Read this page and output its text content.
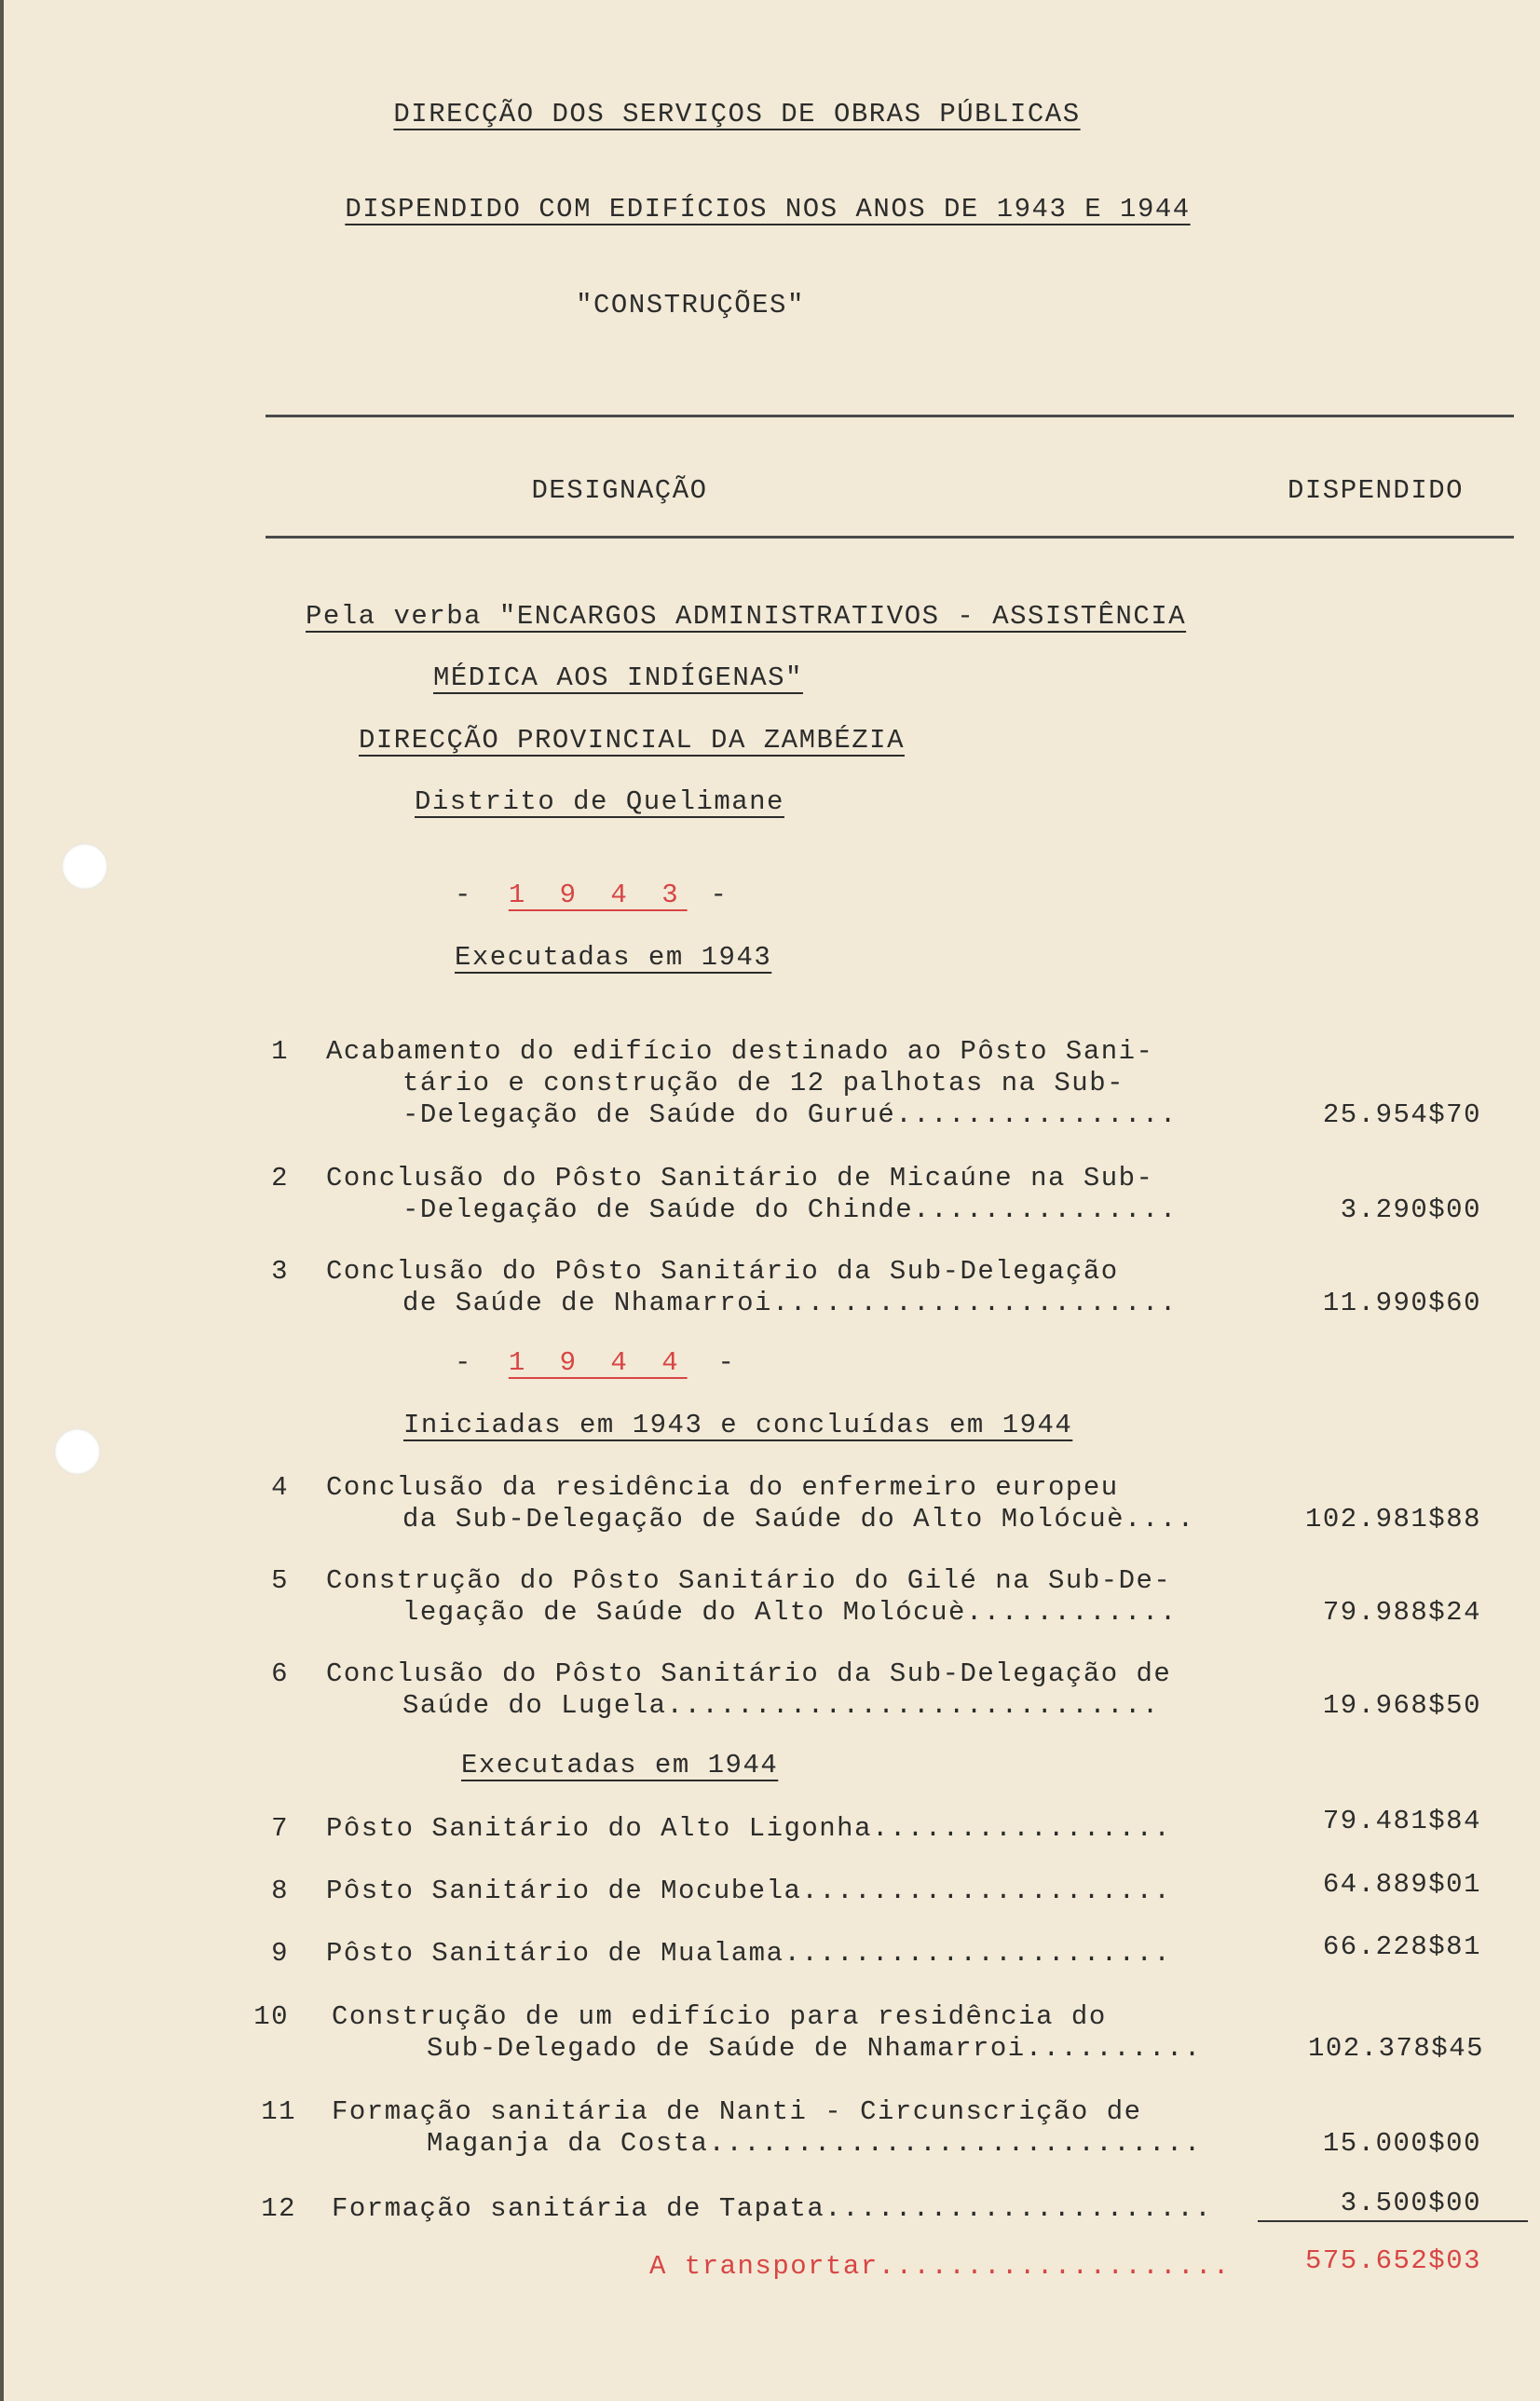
DIRECÇÃO DOS SERVIÇOS DE OBRAS PÚBLICAS
DISPENDIDO COM EDIFÍCIOS NOS ANOS DE 1943 E 1944
"CONSTRUÇÕES"
DESIGNAÇÃO	DISPENDIDO
Pela verba "ENCARGOS ADMINISTRATIVOS - ASSISTÊNCIA
MÉDICA AOS INDÍGENAS"
DIRECÇÃO PROVINCIAL DA ZAMBÉZIA
Distrito de Quelimane
- 1 9 4 3 -
Executadas em 1943
1 Acabamento do edifício destinado ao Pôsto Sani-
tário e construção de 12 palhotas na Sub-
-Delegação de Saúde do Gurué................	25.954$70
2 Conclusão do Pôsto Sanitário de Micaúne na Sub-
-Delegação de Saúde do Chinde...............	3.290$00
3 Conclusão do Pôsto Sanitário da Sub-Delegação
de Saúde de Nhamarroi.......................	11.990$60
- 1 9 4 4 -
Iniciadas em 1943 e concluídas em 1944
4 Conclusão da residência do enfermeiro europeu
da Sub-Delegação de Saúde do Alto Molócuè....	102.981$88
5 Construção do Pôsto Sanitário do Gilé na Sub-De-
legação de Saúde do Alto Molócuè............	79.988$24
6 Conclusão do Pôsto Sanitário da Sub-Delegação de
Saúde do Lugela............................	19.968$50
Executadas em 1944
7 Pôsto Sanitário do Alto Ligonha.................	79.481$84
8 Pôsto Sanitário de Mocubela.....................	64.889$01
9 Pôsto Sanitário de Mualama......................	66.228$81
10 Construção de um edifício para residência do
Sub-Delegado de Saúde de Nhamarroi..........	102.378$45
11 Formação sanitária de Nanti - Circunscrição de
Maganja da Costa............................	15.000$00
12 Formação sanitária de Tapata......................	3.500$00
A transportar....................	575.652$03
